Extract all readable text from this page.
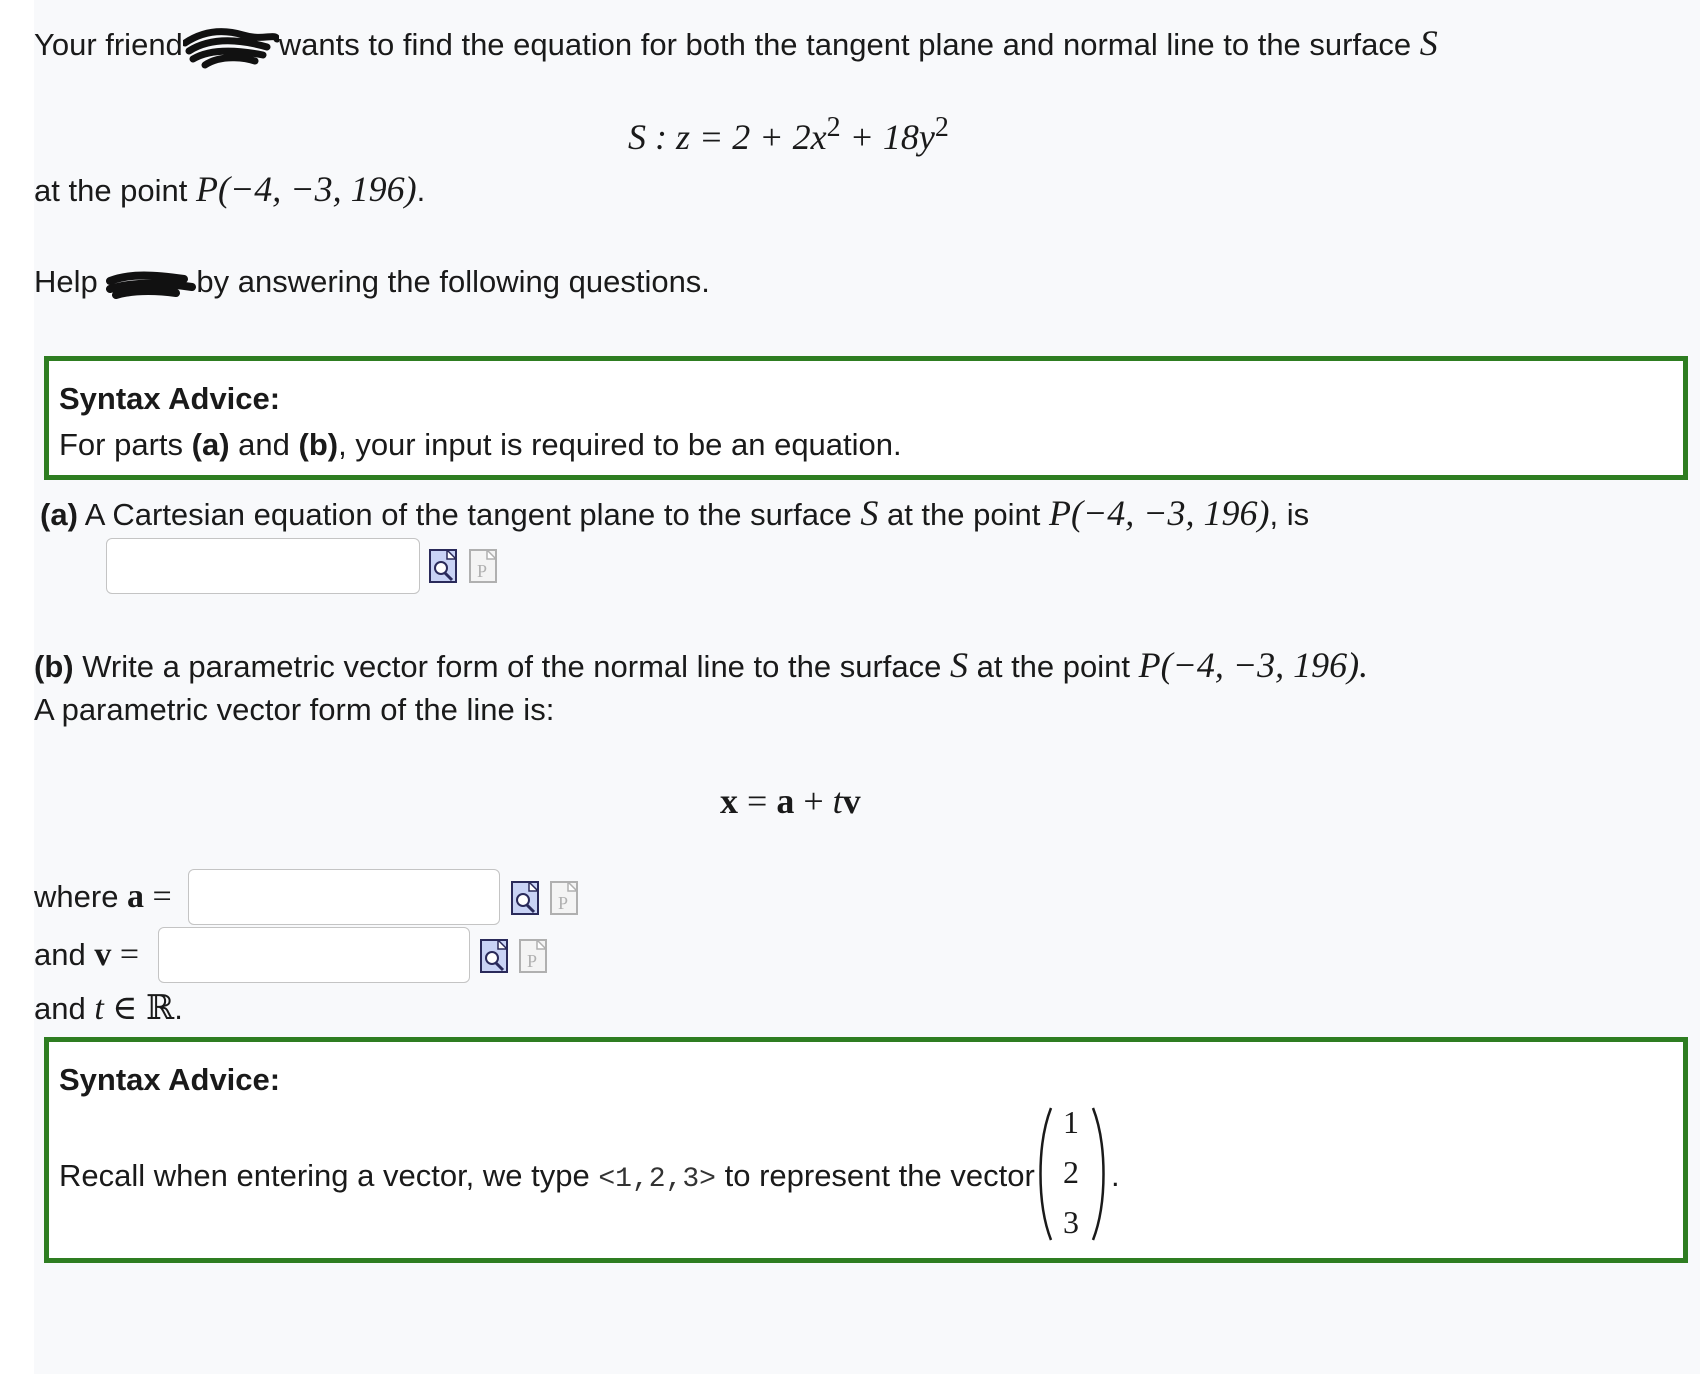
Your friend	wants to find the equation for both the tangent plane and normal line to the surface S
S : $z = 2 + 2x^2 + 18y^2$
at the point P(−4, −3, 196).
Help	by answering the following questions.
Syntax Advice:
For parts (a) and (b), your input is required to be an equation.
(a) A Cartesian equation of the tangent plane to the surface S at the point P(−4, −3, 196), is
P
(b) Write a parametric vector form of the normal line to the surface S at the point P(−4, −3, 196).
A parametric vector form of the line is:
x = a + tv
where a =	P
and v =	P
and t ∈ ℝ.
Syntax Advice:
Recall when entering a vector, we type <1,2,3> to represent the vector
1
2
3
.
